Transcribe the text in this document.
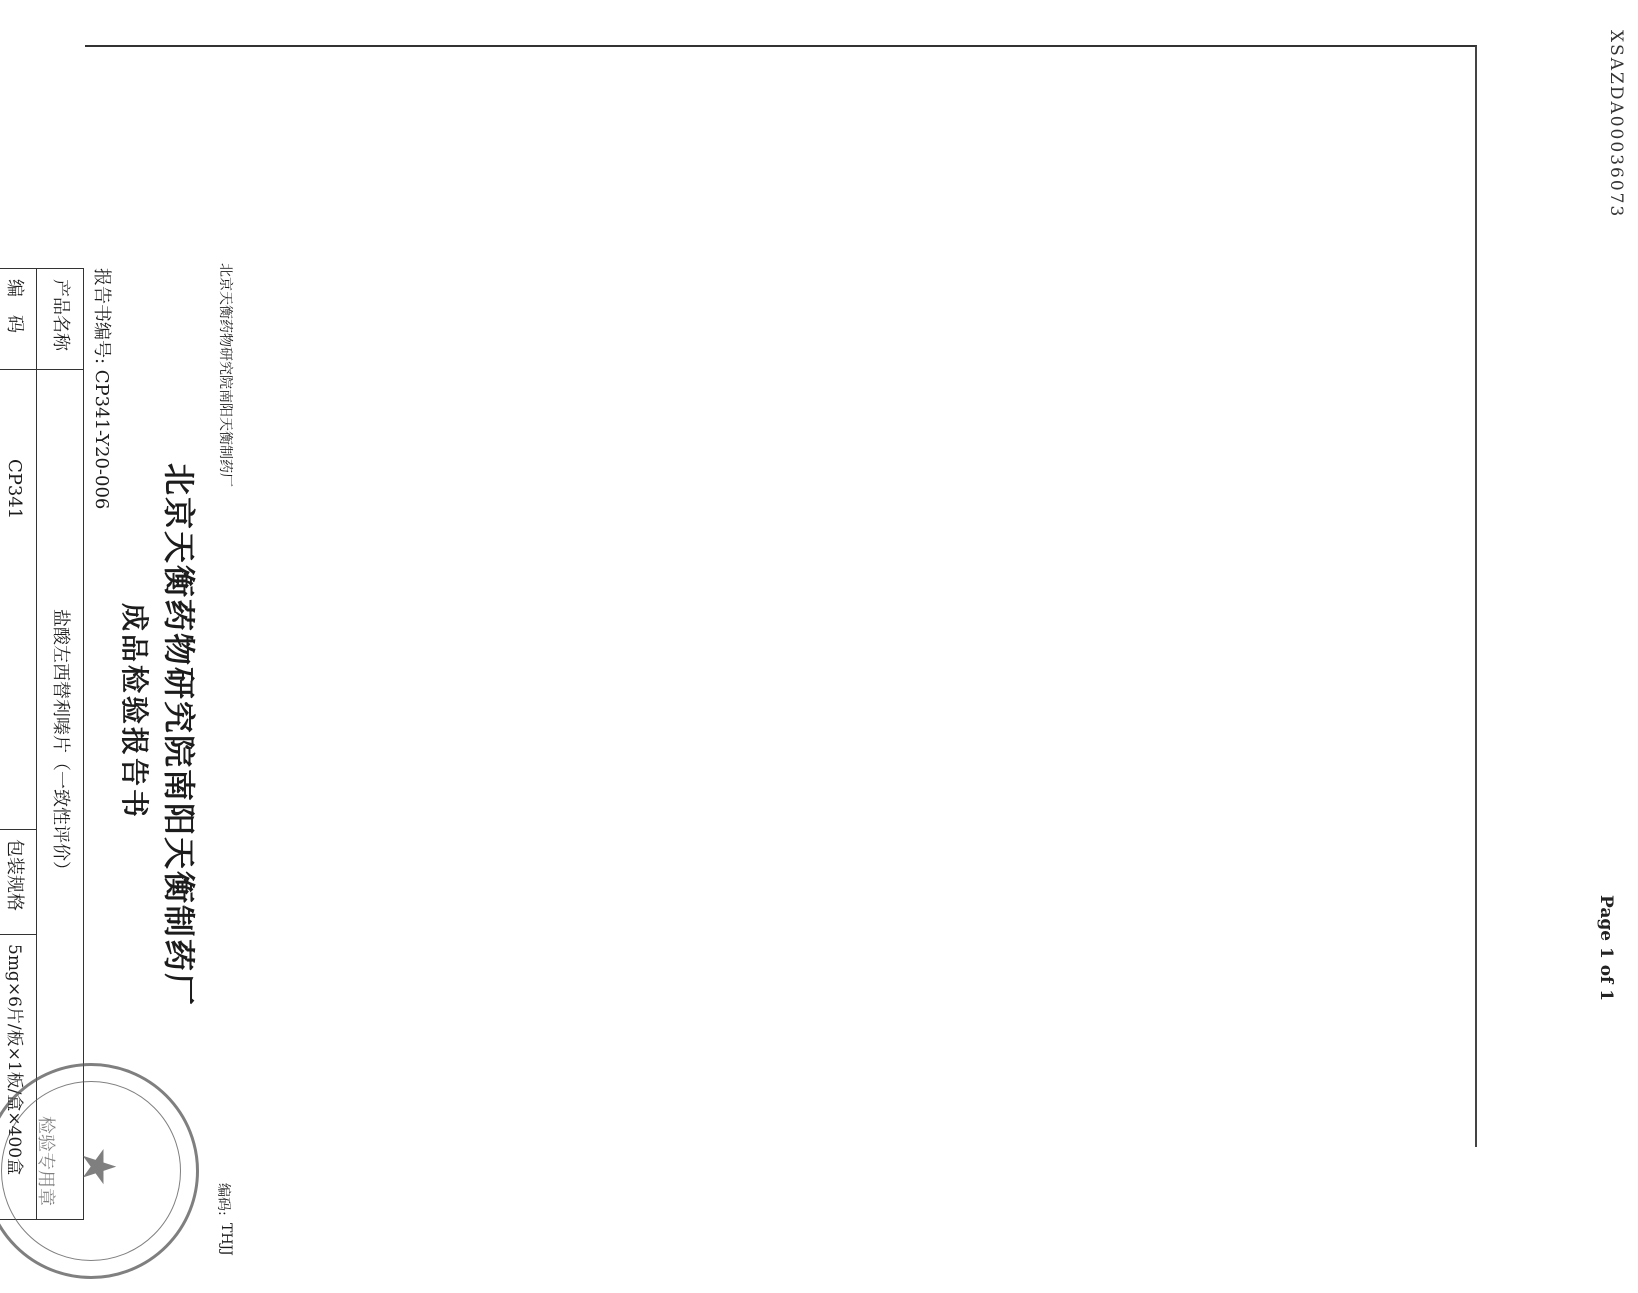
XSAZDA00036073
Page 1 of 1
北京天衡药物研究院南阳天衡制药厂
编码:
THJJ
北京天衡药物研究院南阳天衡制药厂
成品检验报告书
报告书编号: CP341-Y20-006
产品名称
盐酸左西替利嗪片（一致性评价）
编　码
CP341
包装规格
5mg×6片/板×1板/盒×400盒 ★
检验专用章
